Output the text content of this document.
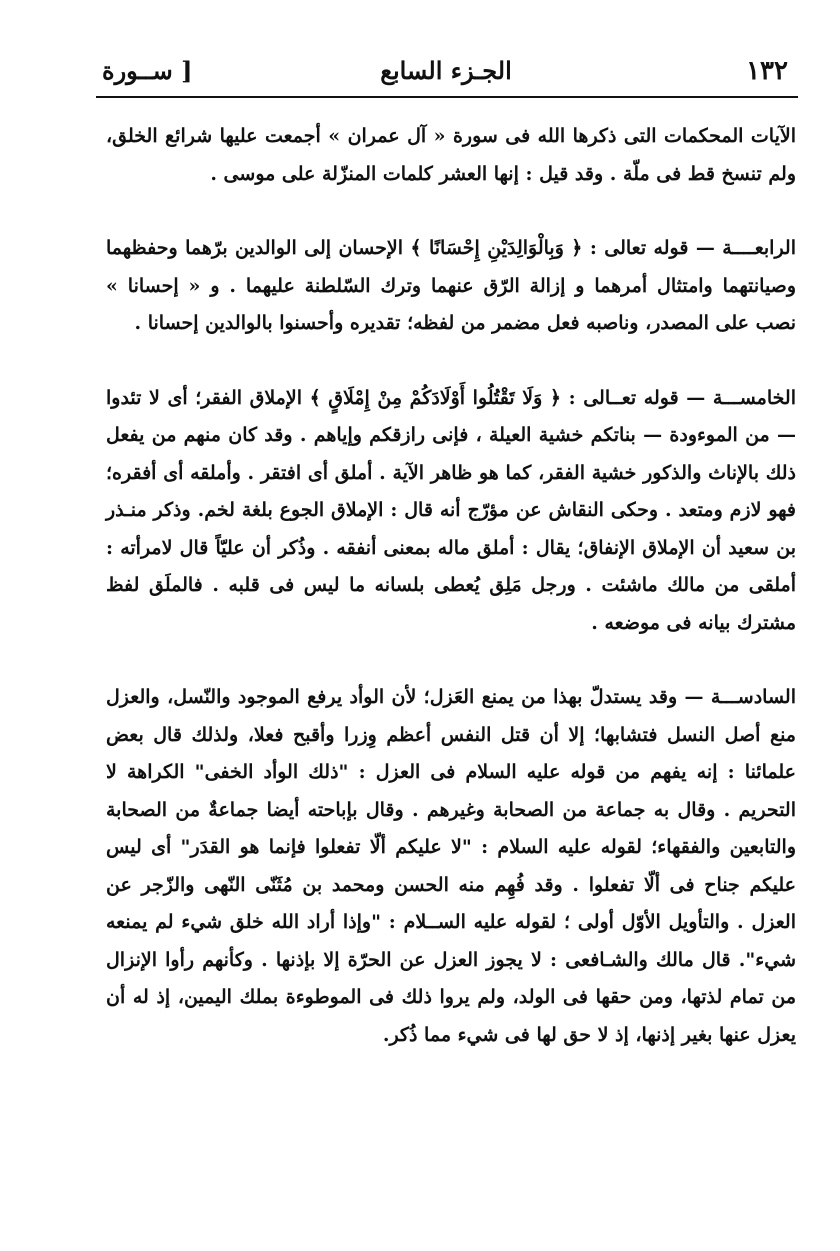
١٣٢
الجـزء السابع
[ ســورة

الآيات المحكمات التى ذكرها الله فى سورة « آل عمران » أجمعت عليها شرائع الخلق، ولم تنسخ قط فى ملّة . وقد قيل : إنها العشر كلمات المنزّلة على موسى .

الرابعــــة — قوله تعالى : ﴿ وَبِالْوَالِدَيْنِ إِحْسَانًا ﴾ الإحسان إلى الوالدين برّهما وحفظهما وصيانتهما وامتثال أمرهما و إزالة الرّق عنهما وترك السّلطنة عليهما . و « إحسانا » نصب على المصدر، وناصبه فعل مضمر من لفظه؛ تقديره وأحسنوا بالوالدين إحسانا .

الخامســـة — قوله تعــالى : ﴿ وَلَا تَقْتُلُوا أَوْلَادَكُمْ مِنْ إِمْلَاقٍ ﴾ الإملاق الفقر؛ أى لا تئدوا — من الموءودة — بناتكم خشية العيلة ، فإنى رازقكم وإياهم . وقد كان منهم من يفعل ذلك بالإناث والذكور خشية الفقر، كما هو ظاهر الآية . أملق أى افتقر . وأملقه أى أفقره؛ فهو لازم ومتعد . وحكى النقاش عن مؤرّج أنه قال : الإملاق الجوع بلغة لخم. وذكر منـذر بن سعيد أن الإملاق الإنفاق؛ يقال : أملق ماله بمعنى أنفقه . وذُكر أن عليّاً قال لامرأته : أملقى من مالك ماشئت . ورجل مَلِق يُعطى بلسانه ما ليس فى قلبه . فالملَق لفظ مشترك بيانه فى موضعه .

السادســـة — وقد يستدلّ بهذا من يمنع العَزل؛ لأن الوأد يرفع الموجود والنّسل، والعزل منع أصل النسل فتشابها؛ إلا أن قتل النفس أعظم وِزرا وأقبح فعلا، ولذلك قال بعض علمائنا : إنه يفهم من قوله عليه السلام فى العزل : "ذلك الوأد الخفى" الكراهة لا التحريم . وقال به جماعة من الصحابة وغيرهم . وقال بإباحته أيضا جماعةٌ من الصحابة والتابعين والفقهاء؛ لقوله عليه السلام : "لا عليكم ألّا تفعلوا فإنما هو القدَر" أى ليس عليكم جناح فى ألّا تفعلوا . وقد فُهِم منه الحسن ومحمد بن مُثَنّى النّهى والزّجر عن العزل . والتأويل الأوّل أولى ؛ لقوله عليه الســلام : "وإذا أراد الله خلق شيء لم يمنعه شيء". قال مالك والشـافعى : لا يجوز العزل عن الحرّة إلا بإذنها . وكأنهم رأوا الإنزال من تمام لذتها، ومن حقها فى الولد، ولم يروا ذلك فى الموطوءة بملك اليمين، إذ له أن يعزل عنها بغير إذنها، إذ لا حق لها فى شيء مما ذُكر.
